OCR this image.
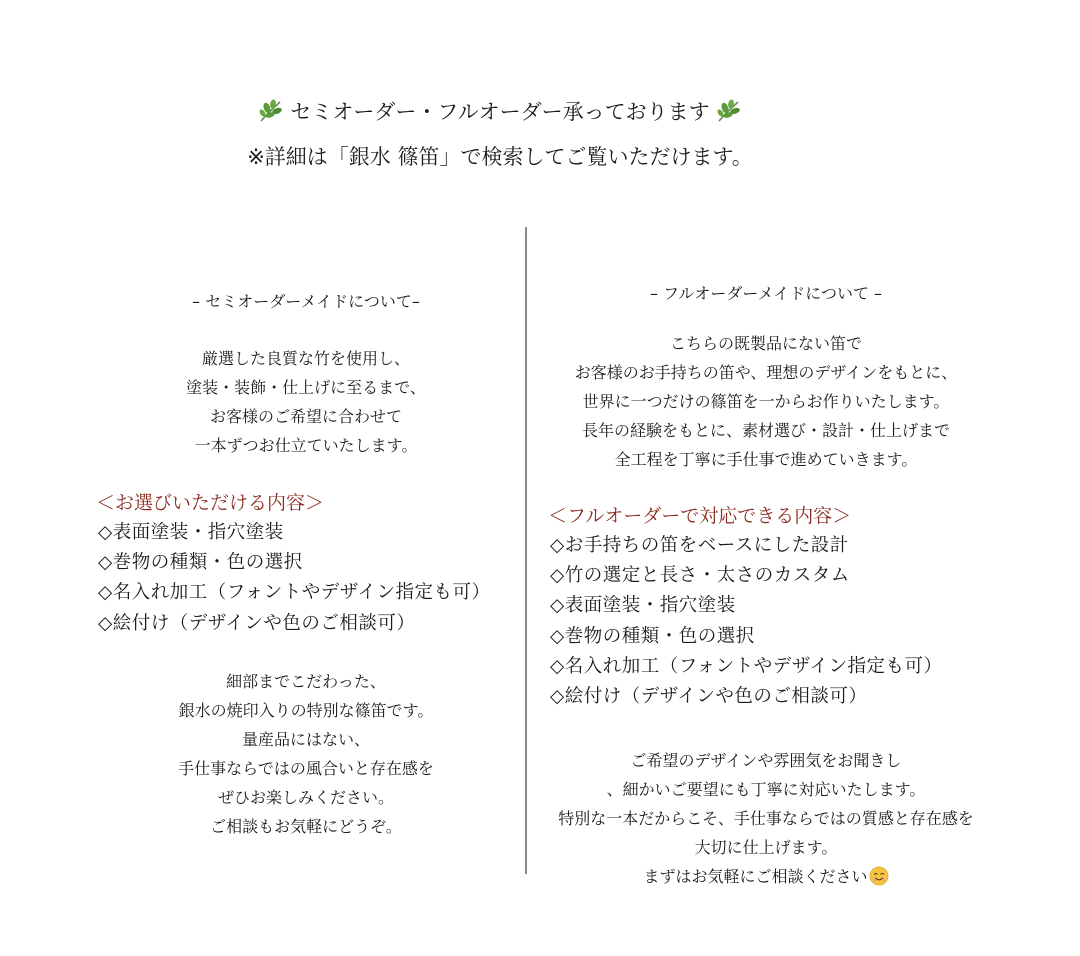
セミオーダー・フルオーダー承っております
※詳細は「銀水 篠笛」で検索してご覧いただけます。
– セミオーダーメイドについて–
厳選した良質な竹を使用し、
塗装・装飾・仕上げに至るまで、
お客様のご希望に合わせて
一本ずつお仕立ていたします。
＜お選びいただける内容＞
◇表面塗装・指穴塗装
◇巻物の種類・色の選択
◇名入れ加工（フォントやデザイン指定も可）
◇絵付け（デザインや色のご相談可）
細部までこだわった、
銀水の焼印入りの特別な篠笛です。
量産品にはない、
手仕事ならではの風合いと存在感を
ぜひお楽しみください。
ご相談もお気軽にどうぞ。
– フルオーダーメイドについて –
こちらの既製品にない笛で
お客様のお手持ちの笛や、理想のデザインをもとに、
世界に一つだけの篠笛を一からお作りいたします。
長年の経験をもとに、素材選び・設計・仕上げまで
全工程を丁寧に手仕事で進めていきます。
＜フルオーダーで対応できる内容＞
◇お手持ちの笛をベースにした設計
◇竹の選定と長さ・太さのカスタム
◇表面塗装・指穴塗装
◇巻物の種類・色の選択
◇名入れ加工（フォントやデザイン指定も可）
◇絵付け（デザインや色のご相談可）
ご希望のデザインや雰囲気をお聞きし
、細かいご要望にも丁寧に対応いたします。
特別な一本だからこそ、手仕事ならではの質感と存在感を
大切に仕上げます。
まずはお気軽にご相談ください
